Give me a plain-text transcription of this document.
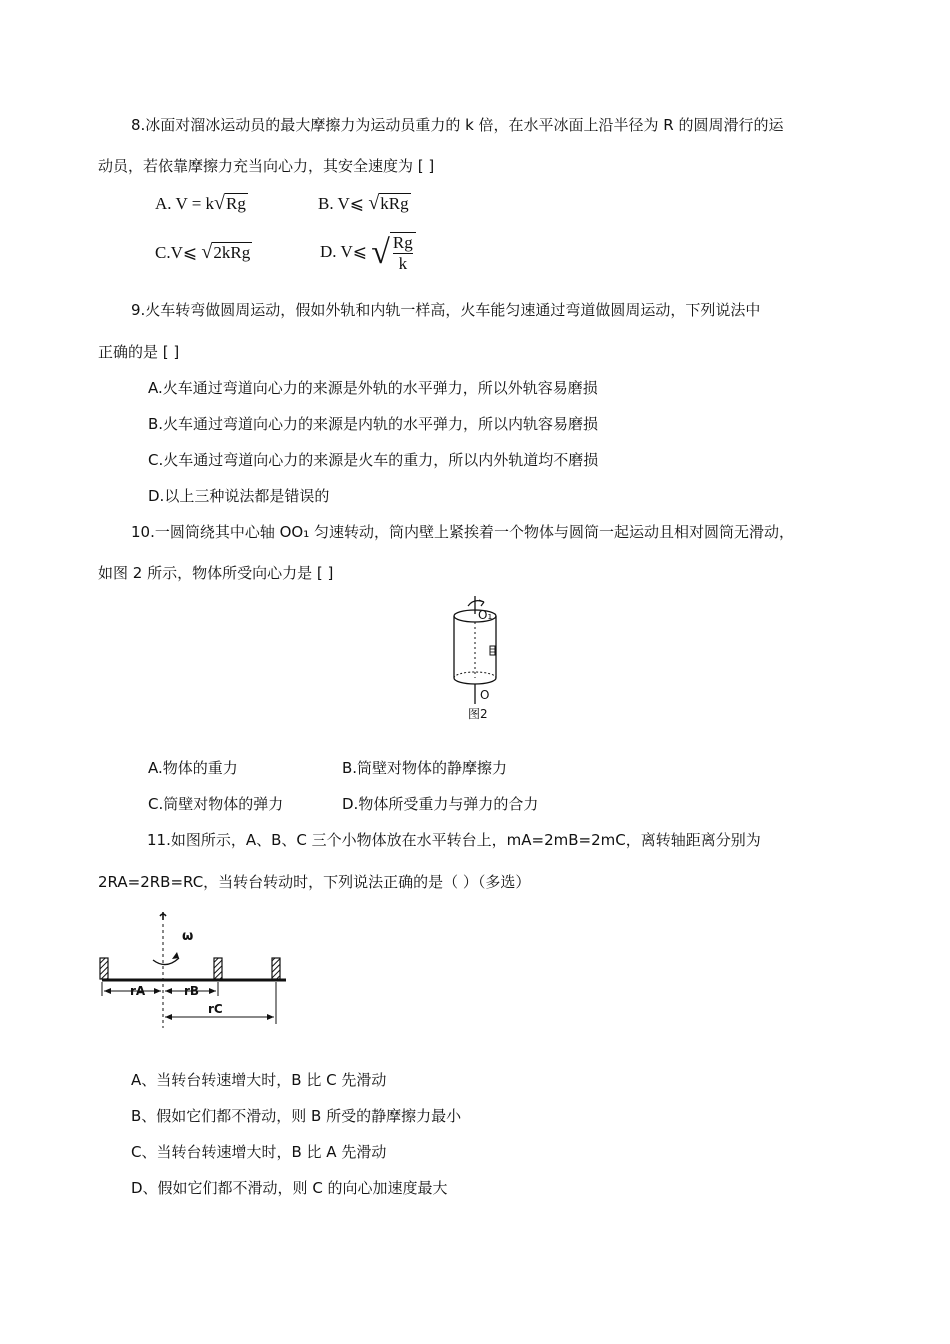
8.冰面对溜冰运动员的最大摩擦力为运动员重力的 k 倍，在水平冰面上沿半径为 R 的圆周滑行的运
动员，若依靠摩擦力充当向心力，其安全速度为 [ ]
A. V = k√Rg	B. V⩽ √kRg
C.V⩽ √2kRg	D. V⩽ √ $\frac{Rg}{k}$
9.火车转弯做圆周运动，假如外轨和内轨一样高，火车能匀速通过弯道做圆周运动，下列说法中
正确的是 [ ]
A.火车通过弯道向心力的来源是外轨的水平弹力，所以外轨容易磨损
B.火车通过弯道向心力的来源是内轨的水平弹力，所以内轨容易磨损
C.火车通过弯道向心力的来源是火车的重力，所以内外轨道均不磨损
D.以上三种说法都是错误的
10.一圆筒绕其中心轴 OO₁ 匀速转动，筒内壁上紧挨着一个物体与圆筒一起运动且相对圆筒无滑动，
如图 2 所示，物体所受向心力是 [ ]
O₁
O
图2
A.物体的重力	B.筒壁对物体的静摩擦力
C.筒壁对物体的弹力	D.物体所受重力与弹力的合力
11.如图所示，A、B、C 三个小物体放在水平转台上，mA=2mB=2mC，离转轴距离分别为
2RA=2RB=RC，当转台转动时，下列说法正确的是（ ）（多选）
ω
rA	rB
rC
A、当转台转速增大时，B 比 C 先滑动
B、假如它们都不滑动，则 B 所受的静摩擦力最小
C、当转台转速增大时，B 比 A 先滑动
D、假如它们都不滑动，则 C 的向心加速度最大
